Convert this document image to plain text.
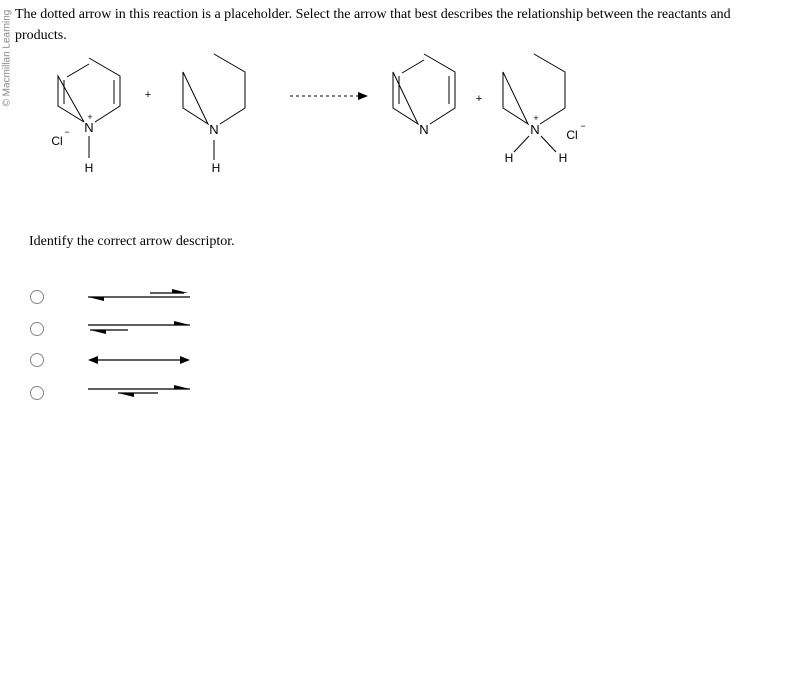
© Macmillan Learning The dotted arrow in this reaction is a placeholder. Select the arrow that best describes the relationship between the reactants and products.
N
+
H
Cl
−
+
N
H
N
+
N
+
H	H
Cl
−
Identify the correct arrow descriptor.
